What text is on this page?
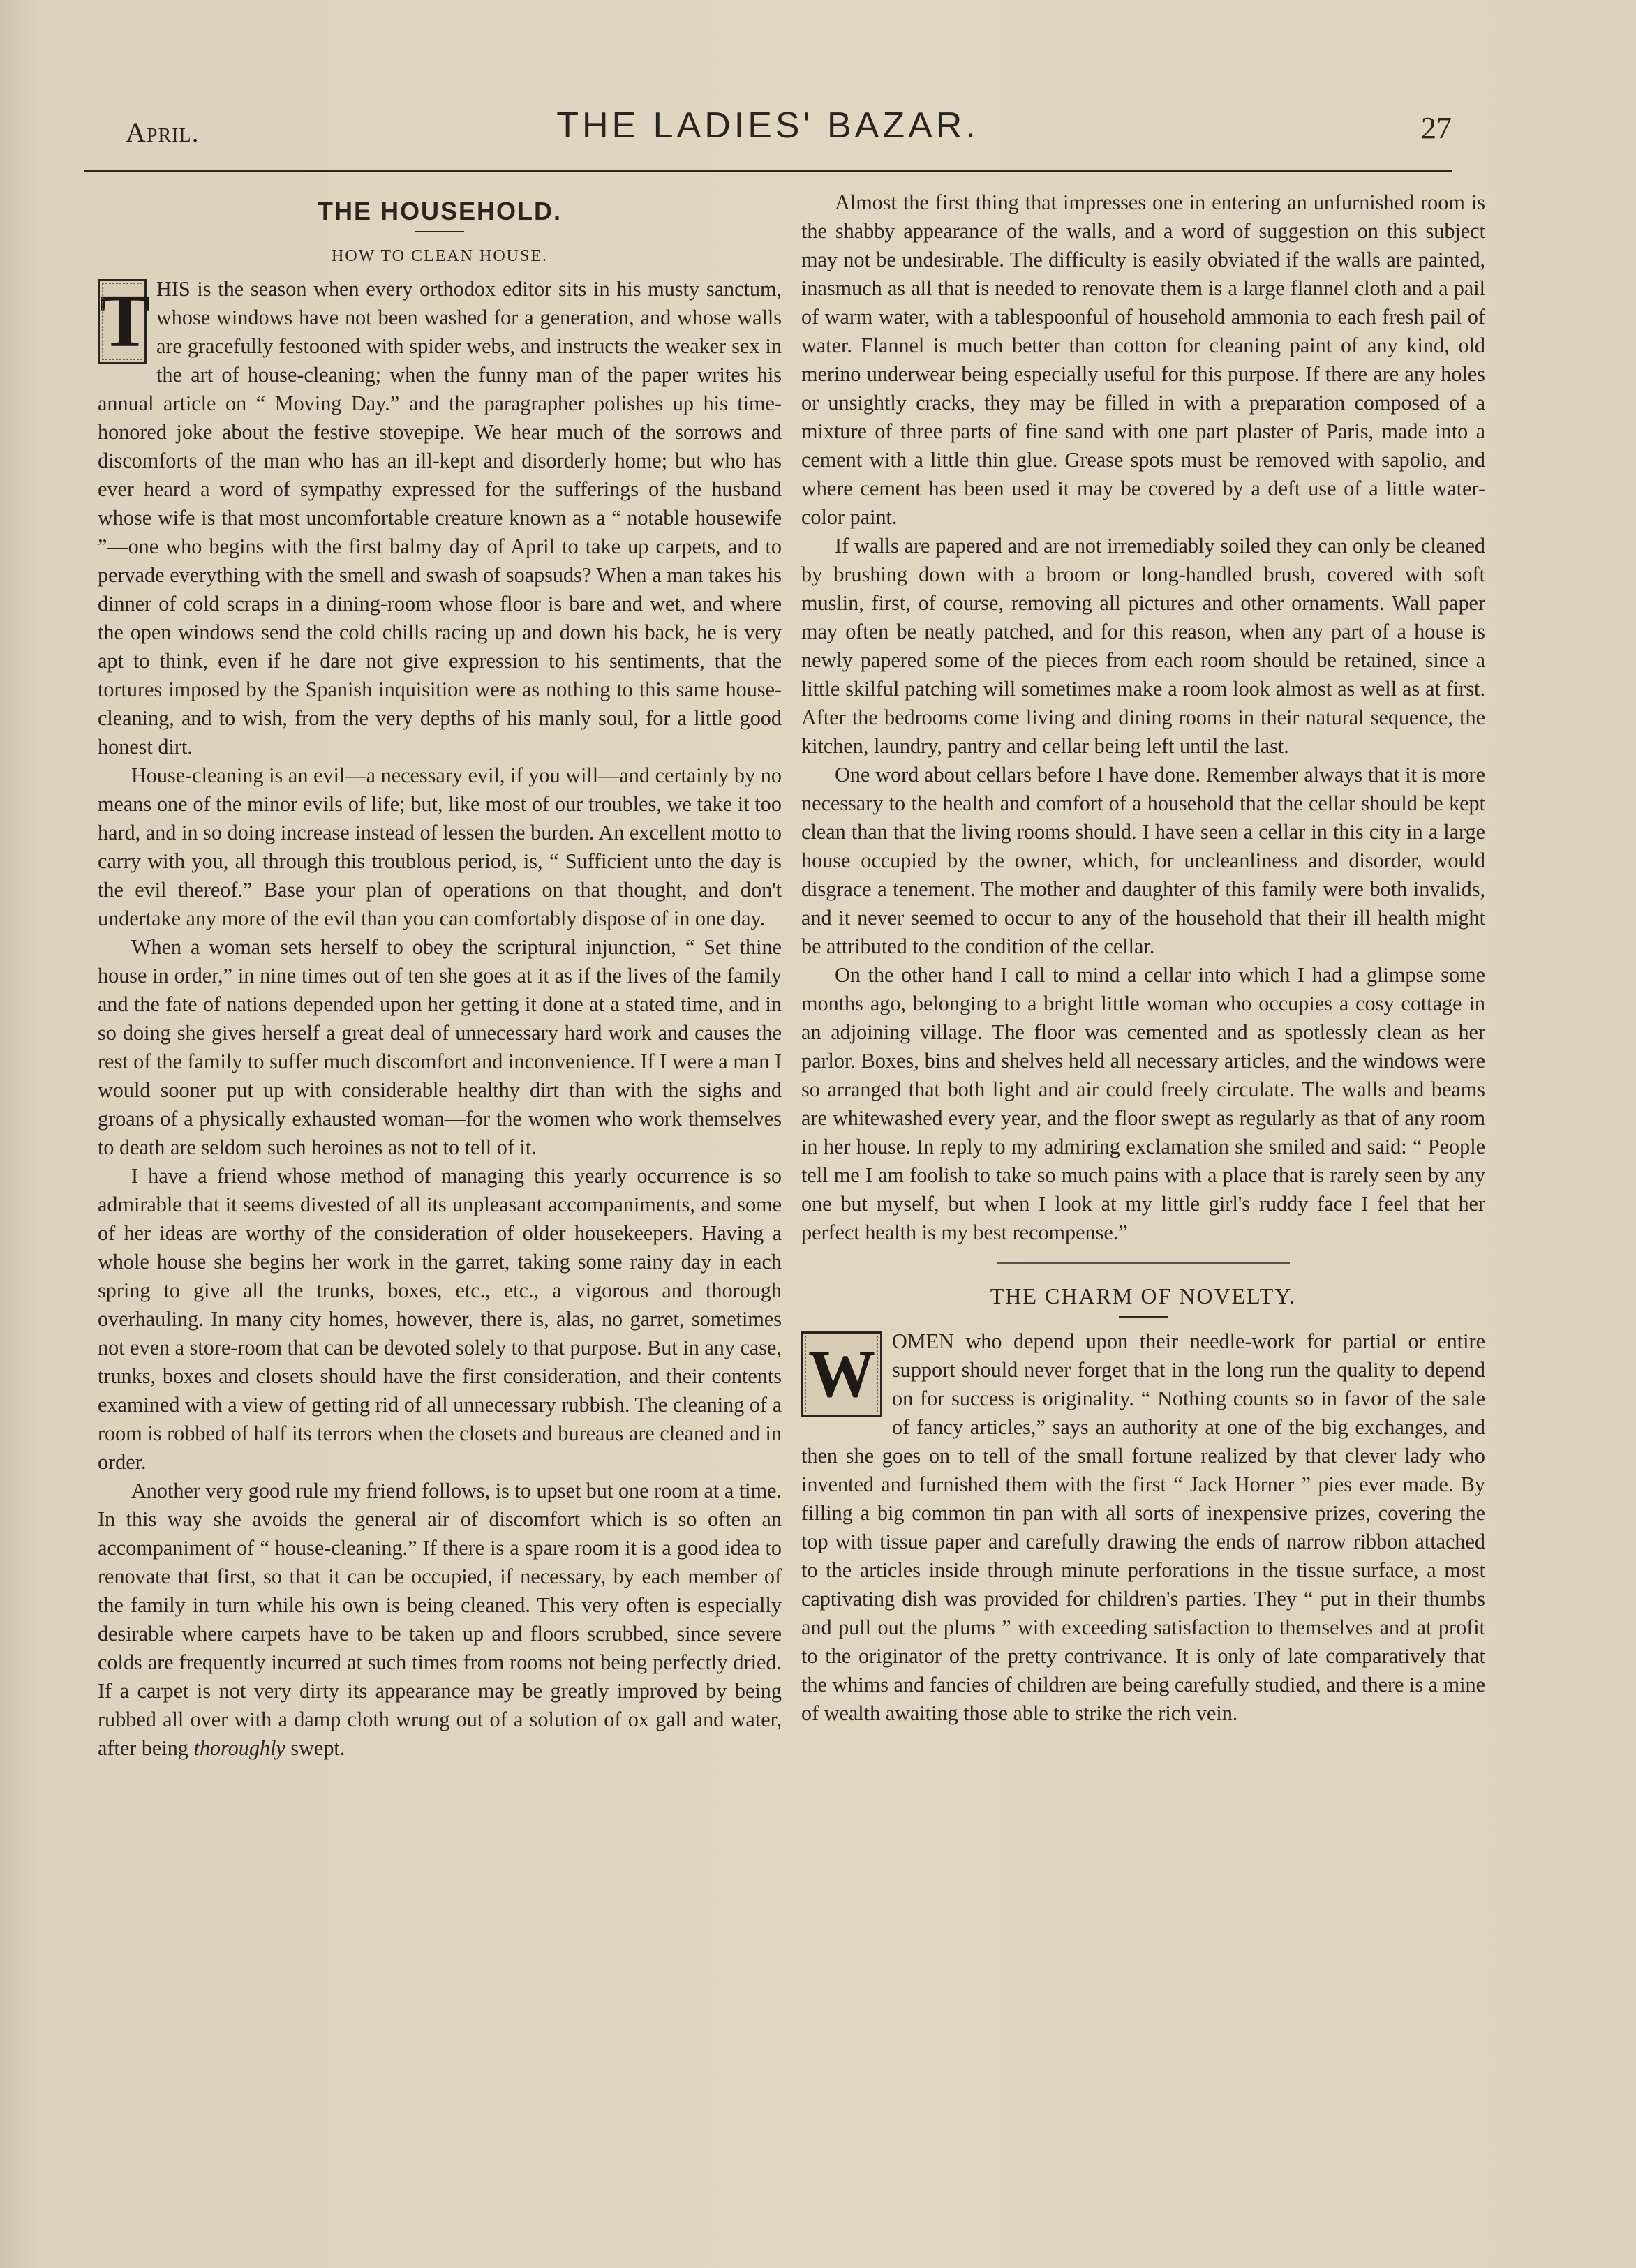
April.	THE LADIES' BAZAR.	27
THE HOUSEHOLD.
HOW TO CLEAN HOUSE.

T HIS is the season when every orthodox editor sits in his musty sanctum, whose windows have not been washed for a generation, and whose walls are gracefully festooned with spider webs, and instructs the weaker sex in the art of house-cleaning; when the funny man of the paper writes his annual article on “ Moving Day.” and the paragrapher polishes up his time-honored joke about the festive stovepipe. We hear much of the sorrows and discomforts of the man who has an ill-kept and disorderly home; but who has ever heard a word of sympathy expressed for the sufferings of the husband whose wife is that most uncomfortable creature known as a “ notable housewife ”—one who begins with the first balmy day of April to take up carpets, and to pervade everything with the smell and swash of soapsuds? When a man takes his dinner of cold scraps in a dining-room whose floor is bare and wet, and where the open windows send the cold chills racing up and down his back, he is very apt to think, even if he dare not give expression to his sentiments, that the tortures imposed by the Spanish inquisition were as nothing to this same house-cleaning, and to wish, from the very depths of his manly soul, for a little good honest dirt.

House-cleaning is an evil—a necessary evil, if you will—and certainly by no means one of the minor evils of life; but, like most of our troubles, we take it too hard, and in so doing increase instead of lessen the burden. An excellent motto to carry with you, all through this troublous period, is, “ Sufficient unto the day is the evil thereof.” Base your plan of operations on that thought, and don't undertake any more of the evil than you can comfortably dispose of in one day.

When a woman sets herself to obey the scriptural injunction, “ Set thine house in order,” in nine times out of ten she goes at it as if the lives of the family and the fate of nations depended upon her getting it done at a stated time, and in so doing she gives herself a great deal of unnecessary hard work and causes the rest of the family to suffer much discomfort and inconvenience. If I were a man I would sooner put up with considerable healthy dirt than with the sighs and groans of a physically exhausted woman—for the women who work themselves to death are seldom such heroines as not to tell of it.

I have a friend whose method of managing this yearly occurrence is so admirable that it seems divested of all its unpleasant accompaniments, and some of her ideas are worthy of the consideration of older housekeepers. Having a whole house she begins her work in the garret, taking some rainy day in each spring to give all the trunks, boxes, etc., etc., a vigorous and thorough overhauling. In many city homes, however, there is, alas, no garret, sometimes not even a store-room that can be devoted solely to that purpose. But in any case, trunks, boxes and closets should have the first consideration, and their contents examined with a view of getting rid of all unnecessary rubbish. The cleaning of a room is robbed of half its terrors when the closets and bureaus are cleaned and in order.

Another very good rule my friend follows, is to upset but one room at a time. In this way she avoids the general air of discomfort which is so often an accompaniment of “ house-cleaning.” If there is a spare room it is a good idea to renovate that first, so that it can be occupied, if necessary, by each member of the family in turn while his own is being cleaned. This very often is especially desirable where carpets have to be taken up and floors scrubbed, since severe colds are frequently incurred at such times from rooms not being perfectly dried. If a carpet is not very dirty its appearance may be greatly improved by being rubbed all over with a damp cloth wrung out of a solution of ox gall and water, after being thoroughly swept.

Almost the first thing that impresses one in entering an unfurnished room is the shabby appearance of the walls, and a word of suggestion on this subject may not be undesirable. The difficulty is easily obviated if the walls are painted, inasmuch as all that is needed to renovate them is a large flannel cloth and a pail of warm water, with a tablespoonful of household ammonia to each fresh pail of water. Flannel is much better than cotton for cleaning paint of any kind, old merino underwear being especially useful for this purpose. If there are any holes or unsightly cracks, they may be filled in with a preparation composed of a mixture of three parts of fine sand with one part plaster of Paris, made into a cement with a little thin glue. Grease spots must be removed with sapolio, and where cement has been used it may be covered by a deft use of a little water-color paint.

If walls are papered and are not irremediably soiled they can only be cleaned by brushing down with a broom or long-handled brush, covered with soft muslin, first, of course, removing all pictures and other ornaments. Wall paper may often be neatly patched, and for this reason, when any part of a house is newly papered some of the pieces from each room should be retained, since a little skilful patching will sometimes make a room look almost as well as at first. After the bedrooms come living and dining rooms in their natural sequence, the kitchen, laundry, pantry and cellar being left until the last.

One word about cellars before I have done. Remember always that it is more necessary to the health and comfort of a household that the cellar should be kept clean than that the living rooms should. I have seen a cellar in this city in a large house occupied by the owner, which, for uncleanliness and disorder, would disgrace a tenement. The mother and daughter of this family were both invalids, and it never seemed to occur to any of the household that their ill health might be attributed to the condition of the cellar.

On the other hand I call to mind a cellar into which I had a glimpse some months ago, belonging to a bright little woman who occupies a cosy cottage in an adjoining village. The floor was cemented and as spotlessly clean as her parlor. Boxes, bins and shelves held all necessary articles, and the windows were so arranged that both light and air could freely circulate. The walls and beams are whitewashed every year, and the floor swept as regularly as that of any room in her house. In reply to my admiring exclamation she smiled and said: “ People tell me I am foolish to take so much pains with a place that is rarely seen by any one but myself, but when I look at my little girl's ruddy face I feel that her perfect health is my best recompense.”

THE CHARM OF NOVELTY.

W OMEN who depend upon their needle-work for partial or entire support should never forget that in the long run the quality to depend on for success is originality. “ Nothing counts so in favor of the sale of fancy articles,” says an authority at one of the big exchanges, and then she goes on to tell of the small fortune realized by that clever lady who invented and furnished them with the first “ Jack Horner ” pies ever made. By filling a big common tin pan with all sorts of inexpensive prizes, covering the top with tissue paper and carefully drawing the ends of narrow ribbon attached to the articles inside through minute perforations in the tissue surface, a most captivating dish was provided for children's parties. They “ put in their thumbs and pull out the plums ” with exceeding satisfaction to themselves and at profit to the originator of the pretty contrivance. It is only of late comparatively that the whims and fancies of children are being carefully studied, and there is a mine of wealth awaiting those able to strike the rich vein.
